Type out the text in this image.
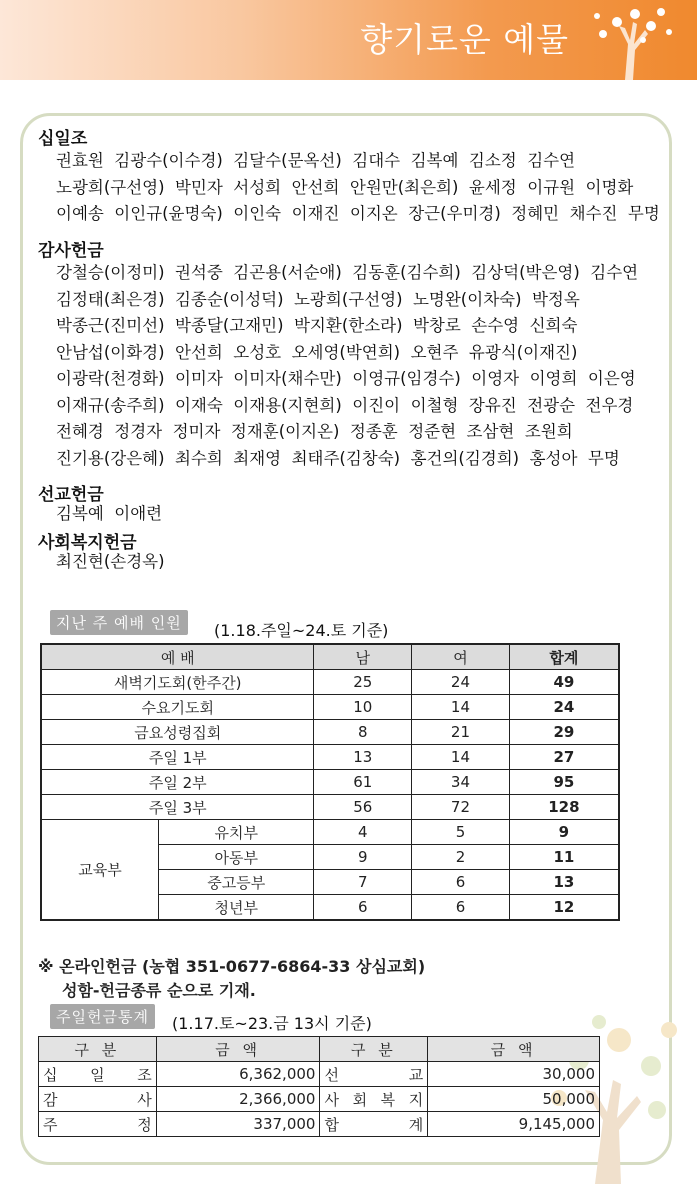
향기로운 예물
십일조
권효원  김광수(이수경)  김달수(문옥선)  김대수  김복예  김소정  김수연
노광희(구선영)  박민자  서성희  안선희  안원만(최은희)  윤세정  이규원  이명화
이예송  이인규(윤명숙)  이인숙  이재진  이지온  장근(우미경)  정혜민  채수진  무명
감사헌금
강철승(이정미)  권석중  김곤용(서순애)  김동훈(김수희)  김상덕(박은영)  김수연
김정태(최은경)  김종순(이성덕)  노광희(구선영)  노명완(이차숙)  박정옥
박종근(진미선)  박종달(고재민)  박지환(한소라)  박창로  손수영  신희숙
안남섭(이화경)  안선희  오성호  오세영(박연희)  오현주  유광식(이재진)
이광락(천경화)  이미자  이미자(채수만)  이영규(임경수)  이영자  이영희  이은영
이재규(송주희)  이재숙  이재용(지현희)  이진이  이철형  장유진  전광순  전우경
전혜경  정경자  정미자  정재훈(이지온)  정종훈  정준현  조삼현  조원희
진기용(강은혜)  최수희  최재영  최태주(김창숙)  홍건의(김경희)  홍성아  무명
선교헌금
김복예  이애련
사회복지헌금
최진현(손경옥)
지난 주 예배 인원	(1.18.주일~24.토 기준)
예 배		남	여	합계
새벽기도회(한주간)		25	24	49
수요기도회		10	14	24
금요성령집회		8	21	29
주일 1부		13	14	27
주일 2부		61	34	95
주일 3부		56	72	128
교육부	유치부	4	5	9
	아동부	9	2	11
	중고등부	7	6	13
	청년부	6	6	12
※ 온라인헌금 (농협 351-0677-6864-33 상심교회)
성함-헌금종류 순으로 기재.
주일헌금통계	(1.17.토~23.금 13시 기준)
구 분	금 액	구 분	금 액

십 일 조	6,362,000	선 교	30,000

감 사	2,366,000	사 회 복 지	50,000

주 정	337,000	합 계	9,145,000
